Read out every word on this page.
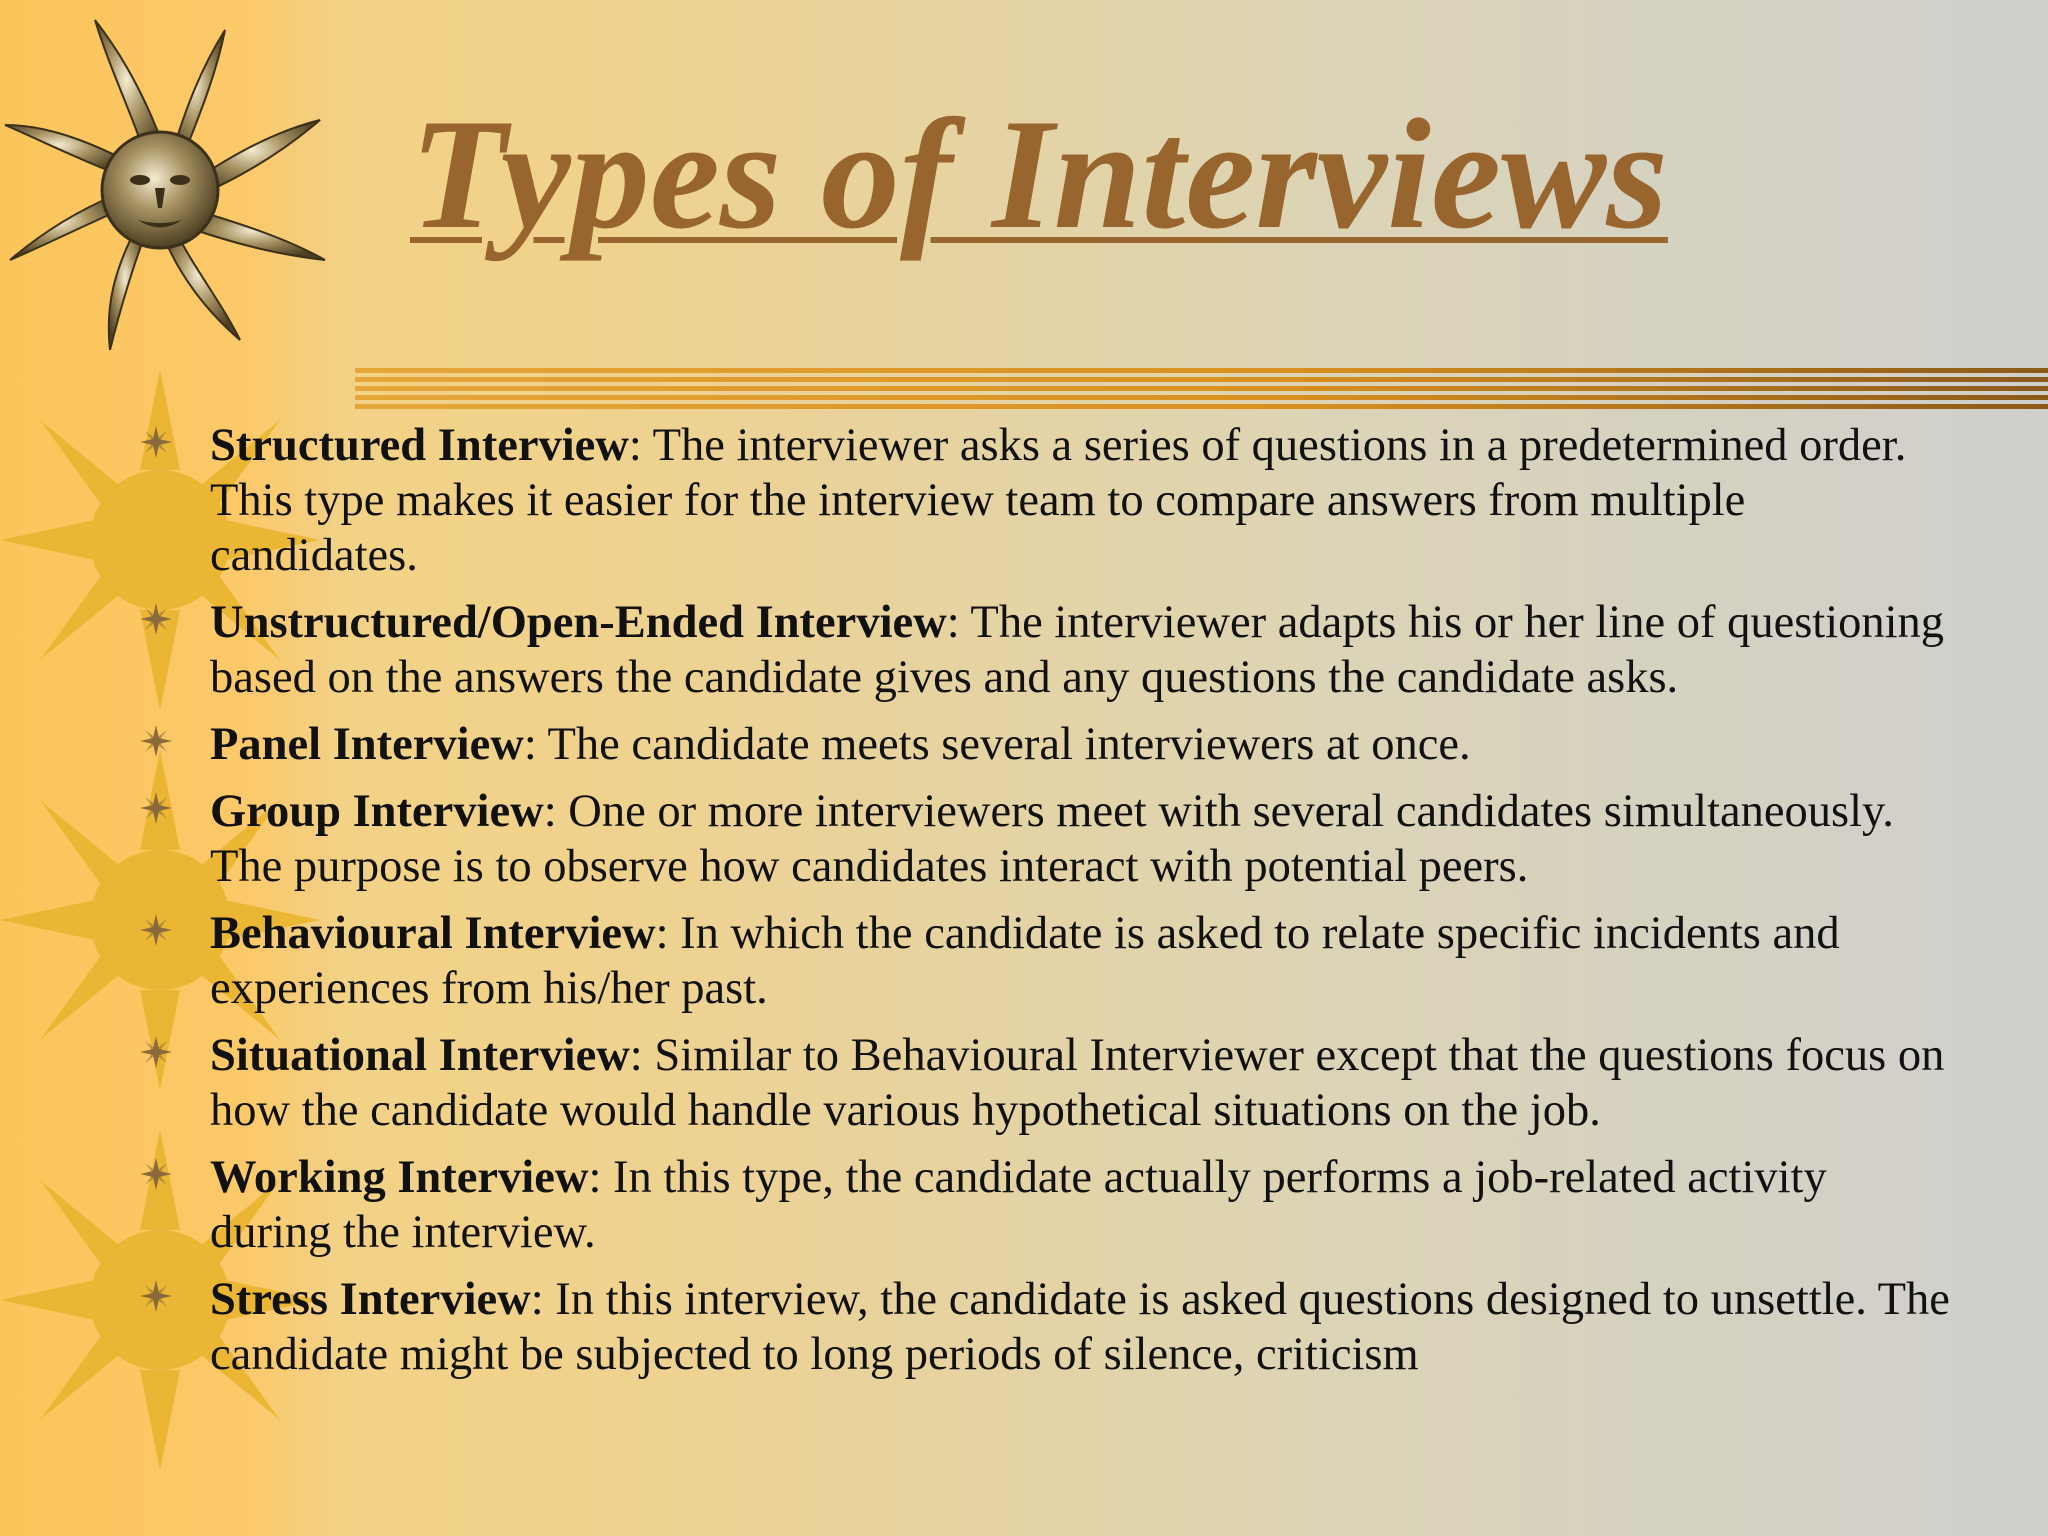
Types of Interviews
Structured Interview: The interviewer asks a series of questions in a predetermined order. This type makes it easier for the interview team to compare answers from multiple candidates.
Unstructured/Open-Ended Interview: The interviewer adapts his or her line of questioning based on the answers the candidate gives and any questions the candidate asks.
Panel Interview: The candidate meets several interviewers at once.
Group Interview: One or more interviewers meet with several candidates simultaneously. The purpose is to observe how candidates interact with potential peers.
Behavioural Interview: In which the candidate is asked to relate specific incidents and experiences from his/her past.
Situational Interview: Similar to Behavioural Interviewer except that the questions focus on how the candidate would handle various hypothetical situations on the job.
Working Interview: In this type, the candidate actually performs a job-related activity during the interview.
Stress Interview: In this interview, the candidate is asked questions designed to unsettle. The candidate might be subjected to long periods of silence, criticism
